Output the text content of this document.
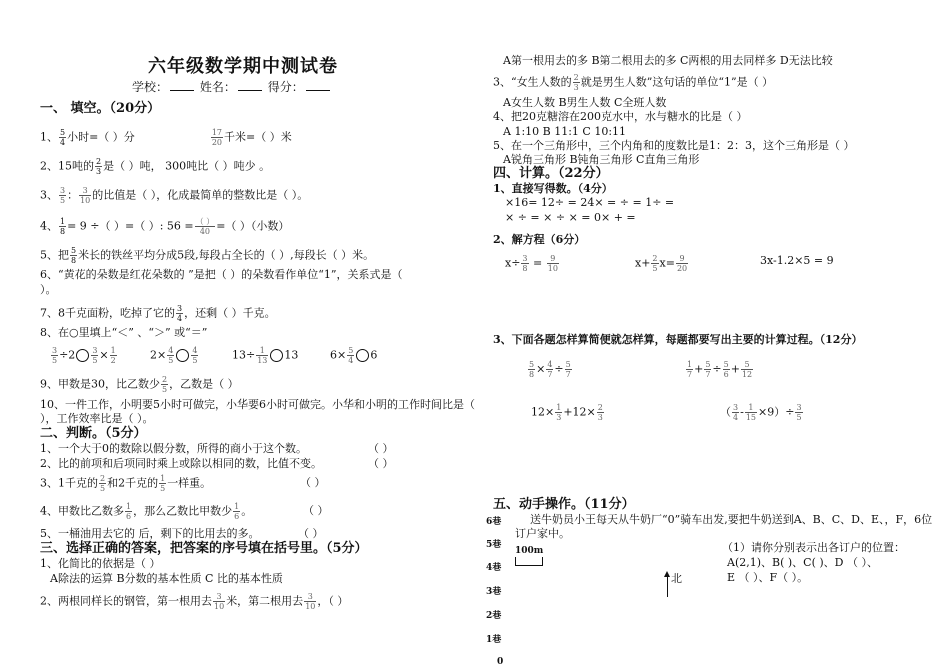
六年级数学期中测试卷
学校：	姓名：	得分：
一、 填空。（20分）
1、 $\frac{5}{4}$ 小时=（ ）分	$\frac{17}{20}$ 千米=（ ）米
2、15吨的 $\frac{2}{3}$ 是（ ）吨， 300吨比（ ）吨少 。
3、 $\frac{3}{5}$ ： $\frac{3}{10}$ 的比值是（ ），化成最简单的整数比是（ ）。
4、 $\frac{1}{8} = 9$ ÷（ ）=（ ）: $56 = \frac{( )}{40}$ =（ ）（小数）
5、把 $\frac{5}{8}$ 米长的铁丝平均分成5段,每段占全长的（ ）,每段长（ ）米。
6、“黄花的朵数是红花朵数的 ”是把（ ）的朵数看作单位“1”，关系式是（
）。
7、8千克面粉，吃掉了它的 $\frac{3}{4}$ ，还剩（ ）千克。
8、在○里填上“＜” 、“＞” 或“＝”
$\frac{3}{5} \div 2 \frac{3}{5} \times \frac{1}{2}$	$2\times \frac{4}{5} \frac{4}{5}$	$13\div \frac{1}{13} 13$	$6\times \frac{5}{4} 6$
9、甲数是30，比乙数少 $\frac{2}{5}$ ，乙数是（ ）
10、一件工作，小明要5小时可做完，小华要6小时可做完。小华和小明的工作时间比是（
），工作效率比是（ ）。
二、判断。（5分）
1、一个大于0的数除以假分数，所得的商小于这个数。	（ ）
2、比的前项和后项同时乘上或除以相同的数，比值不变。	（ ）
3、1千克的 $\frac{2}{5}$ 和2千克的 $\frac{1}{5}$ 一样重。	（ ）
4、甲数比乙数多 $\frac{1}{6}$ ，那么乙数比甲数少 $\frac{1}{6}$ 。	（ ）
5、一桶油用去它的 后，剩下的比用去的多。	（ ）
三、选择正确的答案，把答案的序号填在括号里。（5分）
1、化简比的依据是（ ）
A除法的运算 B分数的基本性质 C 比的基本性质
2、两根同样长的钢管，第一根用去 $\frac{3}{10}$ 米，第二根用去 $\frac{3}{10}$ ，（ ）
A第一根用去的多 B第二根用去的多 C两根的用去同样多 D无法比较
3、“女生人数的 $\frac{2}{3}$ 就是男生人数”这句话的单位“1”是（ ）
A女生人数 B男生人数 C全班人数
4、把20克糖溶在200克水中，水与糖水的比是（ ）
A 1:10 B 11:1 C 10:11
5、在一个三角形中，三个内角和的度数比是1：2：3，这个三角形是（ ）
A锐角三角形 B钝角三角形 C直角三角形
四、计算。（22分）
1、直接写得数。（4分）
×16= 12÷ = 24× = ÷ = 1÷ =
× ÷ = × ÷ × = 0× + =
2、解方程（6分）
$x\div \frac{3}{8} = \frac{9}{10}$	$x+ \frac{2}{5} x= \frac{9}{20}$	3x-1.2×5 = 9
3、下面各题怎样算简便就怎样算，每题都要写出主要的计算过程。（12分）
$\frac{5}{8} \times \frac{4}{7} \div \frac{5}{7}$	$\frac{1}{7} + \frac{5}{7} \div \frac{5}{6} + \frac{5}{12}$
$12\times \frac{1}{3} +12\times \frac{2}{3}$	（ $\frac{3}{4} - \frac{1}{15} \times 9)\div \frac{3}{5}$
五、动手操作。（11分）
送牛奶员小王每天从牛奶厂“0”骑车出发,要把牛奶送到A、B、C、D、E、，F，6位
订户家中。
100m
北
（1）请你分别表示出各订户的位置：
A(2,1)、B( )、C( )、D （ ）、
E （ ）、F（ ）。
6巷
5巷
4巷
3巷
2巷
1巷
0
